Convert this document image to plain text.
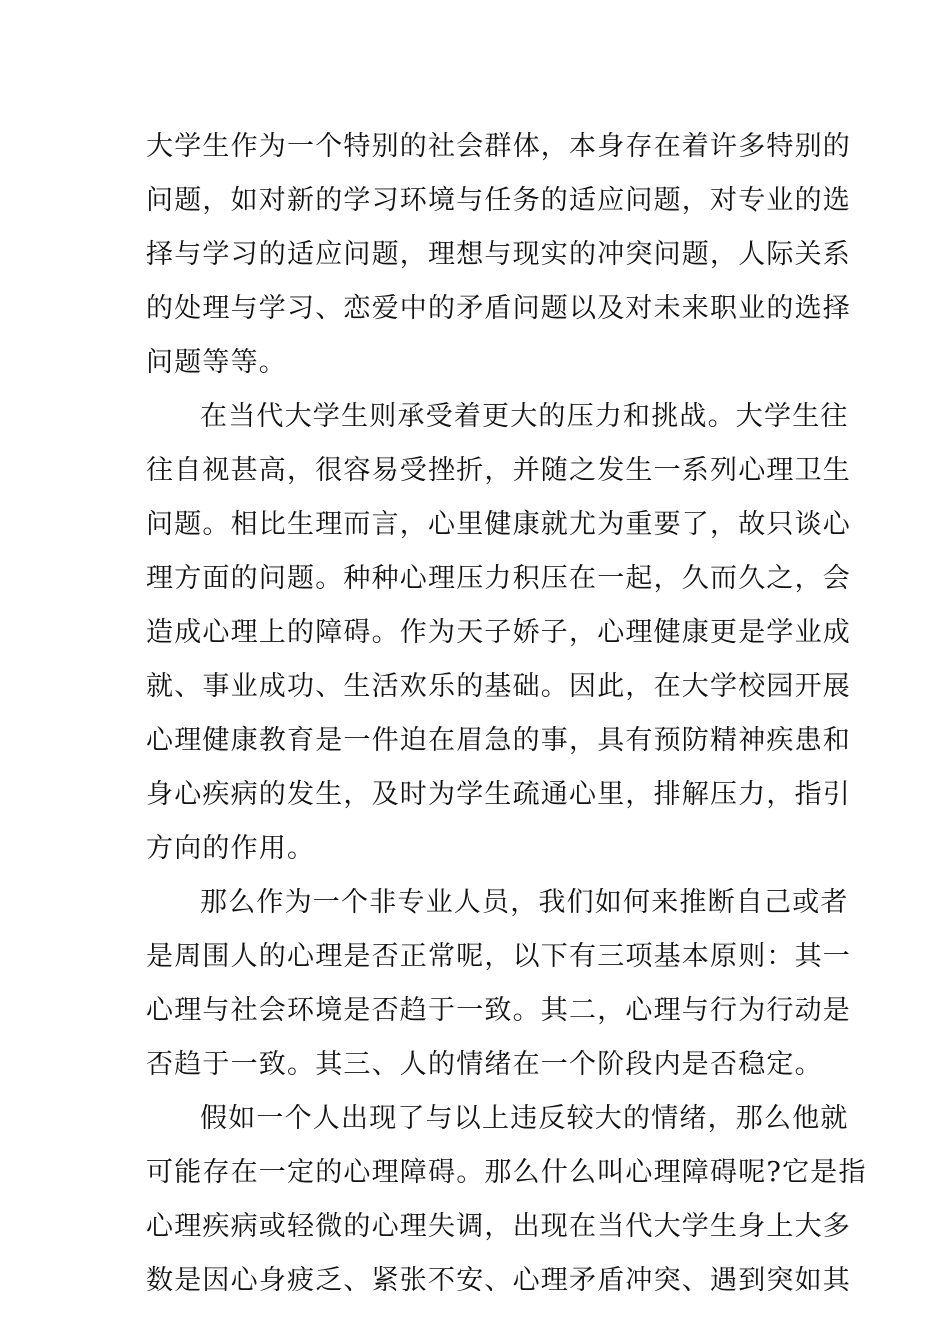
大学生作为一个特别的社会群体，本身存在着许多特别的
问题，如对新的学习环境与任务的适应问题，对专业的选
择与学习的适应问题，理想与现实的冲突问题，人际关系
的处理与学习、恋爱中的矛盾问题以及对未来职业的选择
问题等等。
在当代大学生则承受着更大的压力和挑战。大学生往
往自视甚高，很容易受挫折，并随之发生一系列心理卫生
问题。相比生理而言，心里健康就尤为重要了，故只谈心
理方面的问题。种种心理压力积压在一起，久而久之，会
造成心理上的障碍。作为天子娇子，心理健康更是学业成
就、事业成功、生活欢乐的基础。因此，在大学校园开展
心理健康教育是一件迫在眉急的事，具有预防精神疾患和
身心疾病的发生，及时为学生疏通心里，排解压力，指引
方向的作用。
那么作为一个非专业人员，我们如何来推断自己或者
是周围人的心理是否正常呢，以下有三项基本原则：其一
心理与社会环境是否趋于一致。其二，心理与行为行动是
否趋于一致。其三、人的情绪在一个阶段内是否稳定。
假如一个人出现了与以上违反较大的情绪，那么他就
可能存在一定的心理障碍。那么什么叫心理障碍呢?它是指
心理疾病或轻微的心理失调，出现在当代大学生身上大多
数是因心身疲乏、紧张不安、心理矛盾冲突、遇到突如其
